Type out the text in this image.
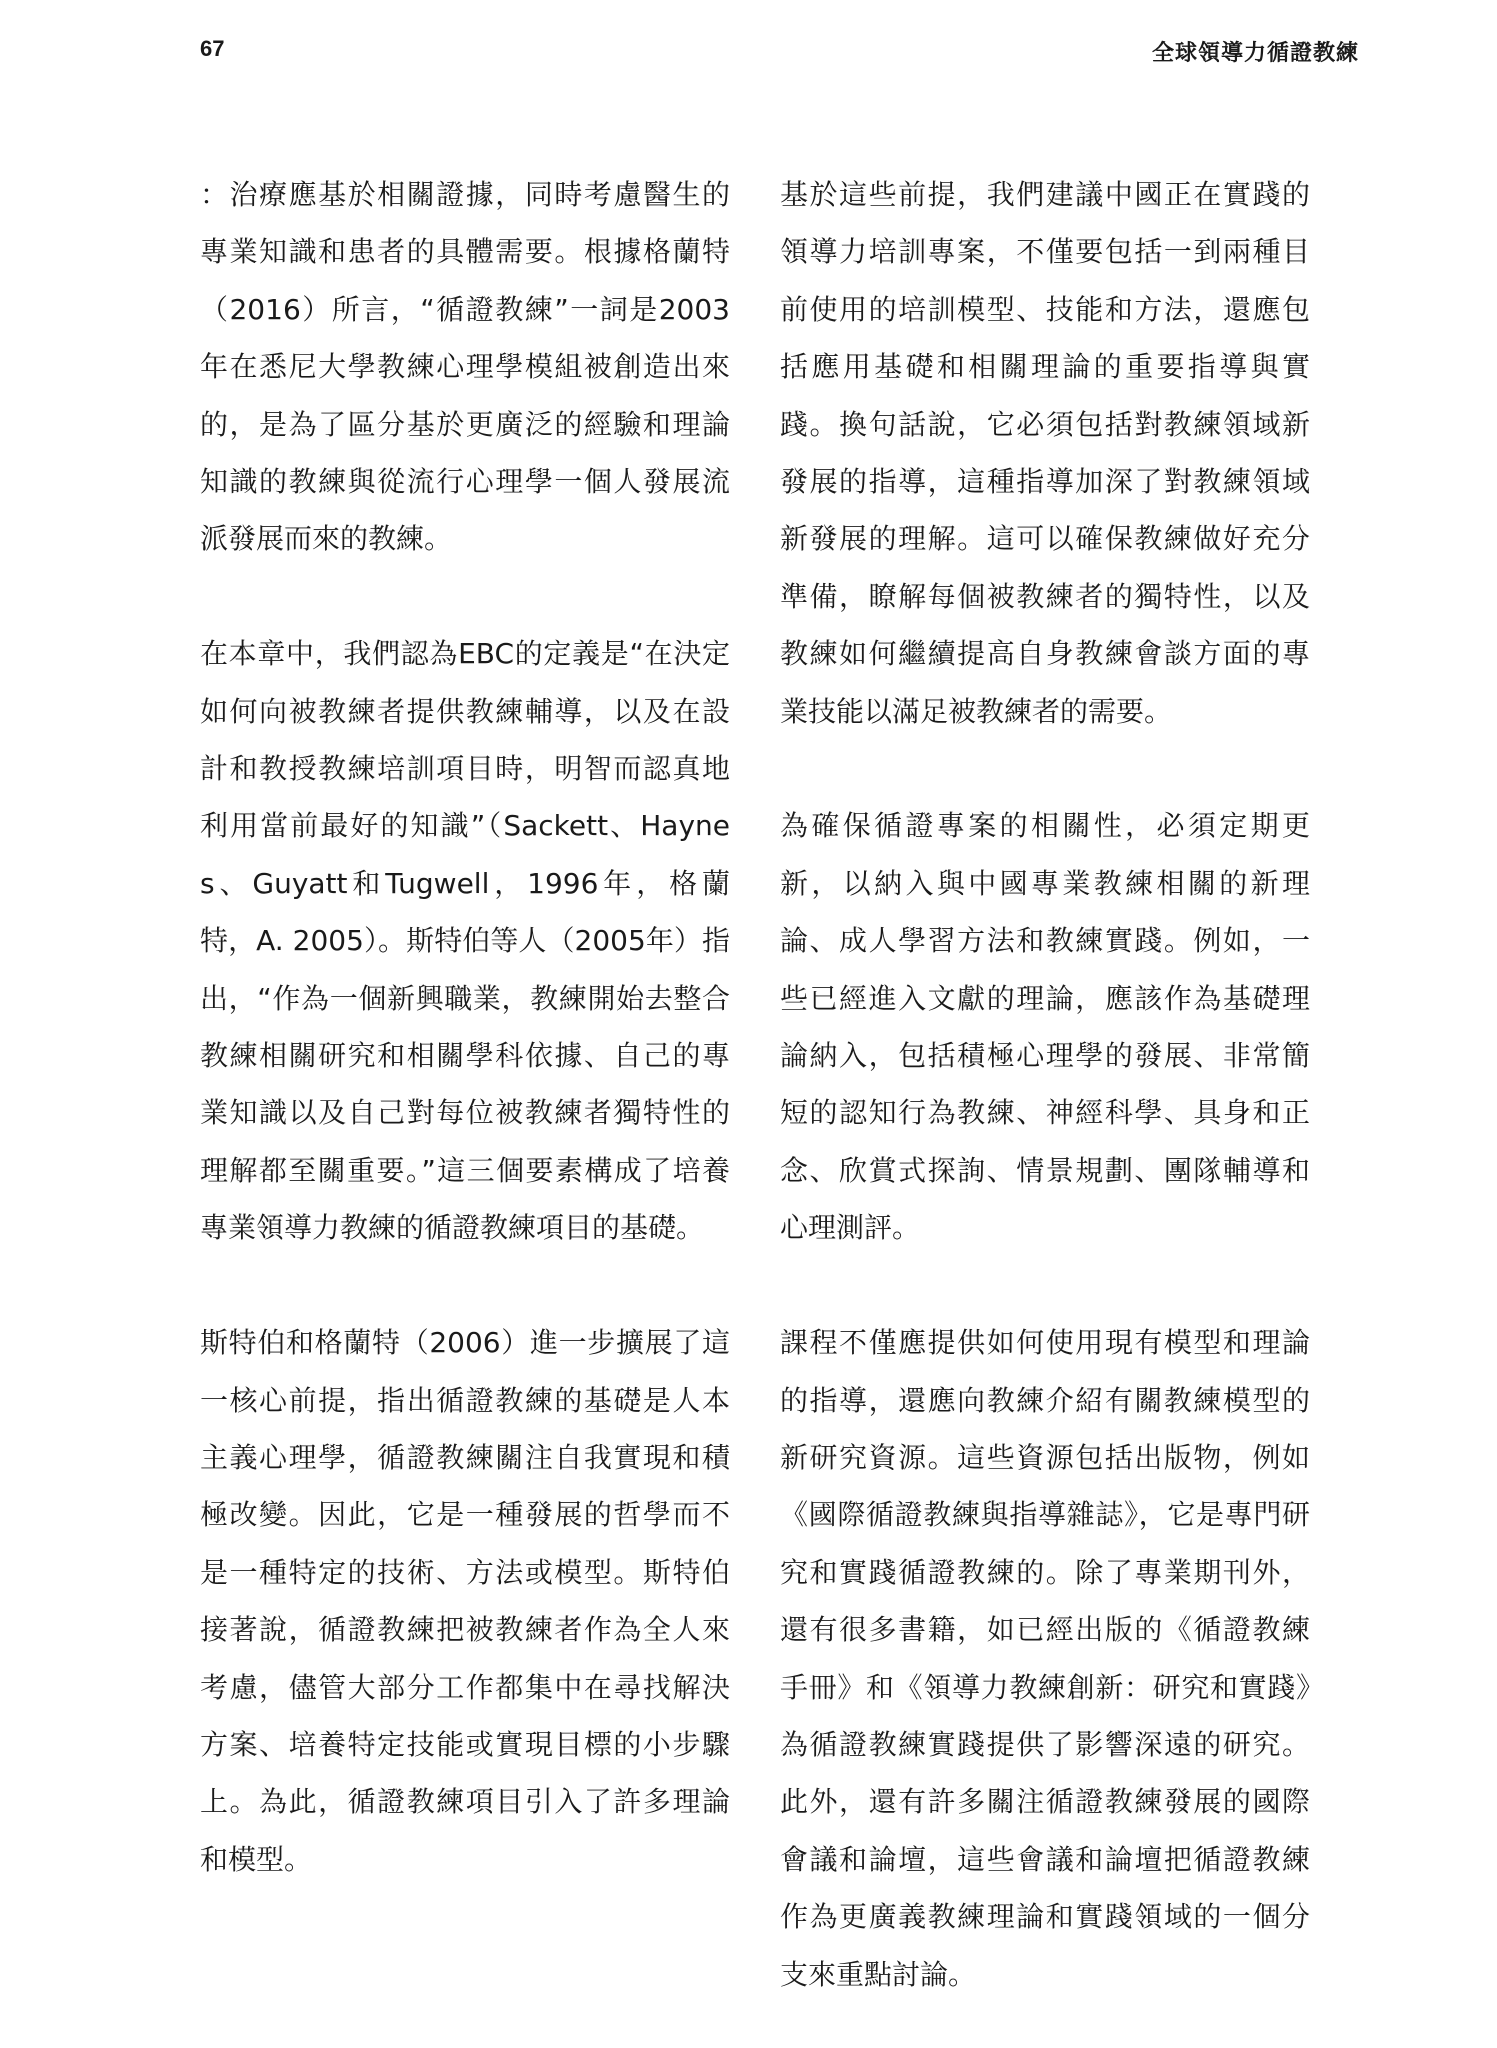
67	全球領導力循證教練

：治療應基於相關證據，同時考慮醫生的專業知識和患者的具體需要。根據格蘭特（2016）所言，“循證教練”一詞是2003年在悉尼大學教練心理學模組被創造出來的，是為了區分基於更廣泛的經驗和理論知識的教練與從流行心理學一個人發展流派發展而來的教練。

在本章中，我們認為EBC的定義是“在決定如何向被教練者提供教練輔導，以及在設計和教授教練培訓項目時，明智而認真地利用當前最好的知識”（Sackett、Haynes、Guyatt和Tugwell，1996年，格蘭特，A. 2005）。斯特伯等人（2005年）指出，“作為一個新興職業，教練開始去整合教練相關研究和相關學科依據、自己的專業知識以及自己對每位被教練者獨特性的理解都至關重要。”這三個要素構成了培養專業領導力教練的循證教練項目的基礎。

斯特伯和格蘭特（2006）進一步擴展了這一核心前提，指出循證教練的基礎是人本主義心理學，循證教練關注自我實現和積極改變。因此，它是一種發展的哲學而不是一種特定的技術、方法或模型。斯特伯接著說，循證教練把被教練者作為全人來考慮，儘管大部分工作都集中在尋找解決方案、培養特定技能或實現目標的小步驟上。為此，循證教練項目引入了許多理論和模型。

基於這些前提，我們建議中國正在實踐的領導力培訓專案，不僅要包括一到兩種目前使用的培訓模型、技能和方法，還應包括應用基礎和相關理論的重要指導與實踐。換句話說，它必須包括對教練領域新發展的指導，這種指導加深了對教練領域新發展的理解。這可以確保教練做好充分準備，瞭解每個被教練者的獨特性，以及教練如何繼續提高自身教練會談方面的專業技能以滿足被教練者的需要。

為確保循證專案的相關性，必須定期更新，以納入與中國專業教練相關的新理論、成人學習方法和教練實踐。例如，一些已經進入文獻的理論，應該作為基礎理論納入，包括積極心理學的發展、非常簡短的認知行為教練、神經科學、具身和正念、欣賞式探詢、情景規劃、團隊輔導和心理測評。

課程不僅應提供如何使用現有模型和理論的指導，還應向教練介紹有關教練模型的新研究資源。這些資源包括出版物，例如《國際循證教練與指導雜誌》，它是專門研究和實踐循證教練的。除了專業期刊外，還有很多書籍，如已經出版的《循證教練手冊》和《領導力教練創新：研究和實踐》為循證教練實踐提供了影響深遠的研究。此外，還有許多關注循證教練發展的國際會議和論壇，這些會議和論壇把循證教練作為更廣義教練理論和實踐領域的一個分支來重點討論。
